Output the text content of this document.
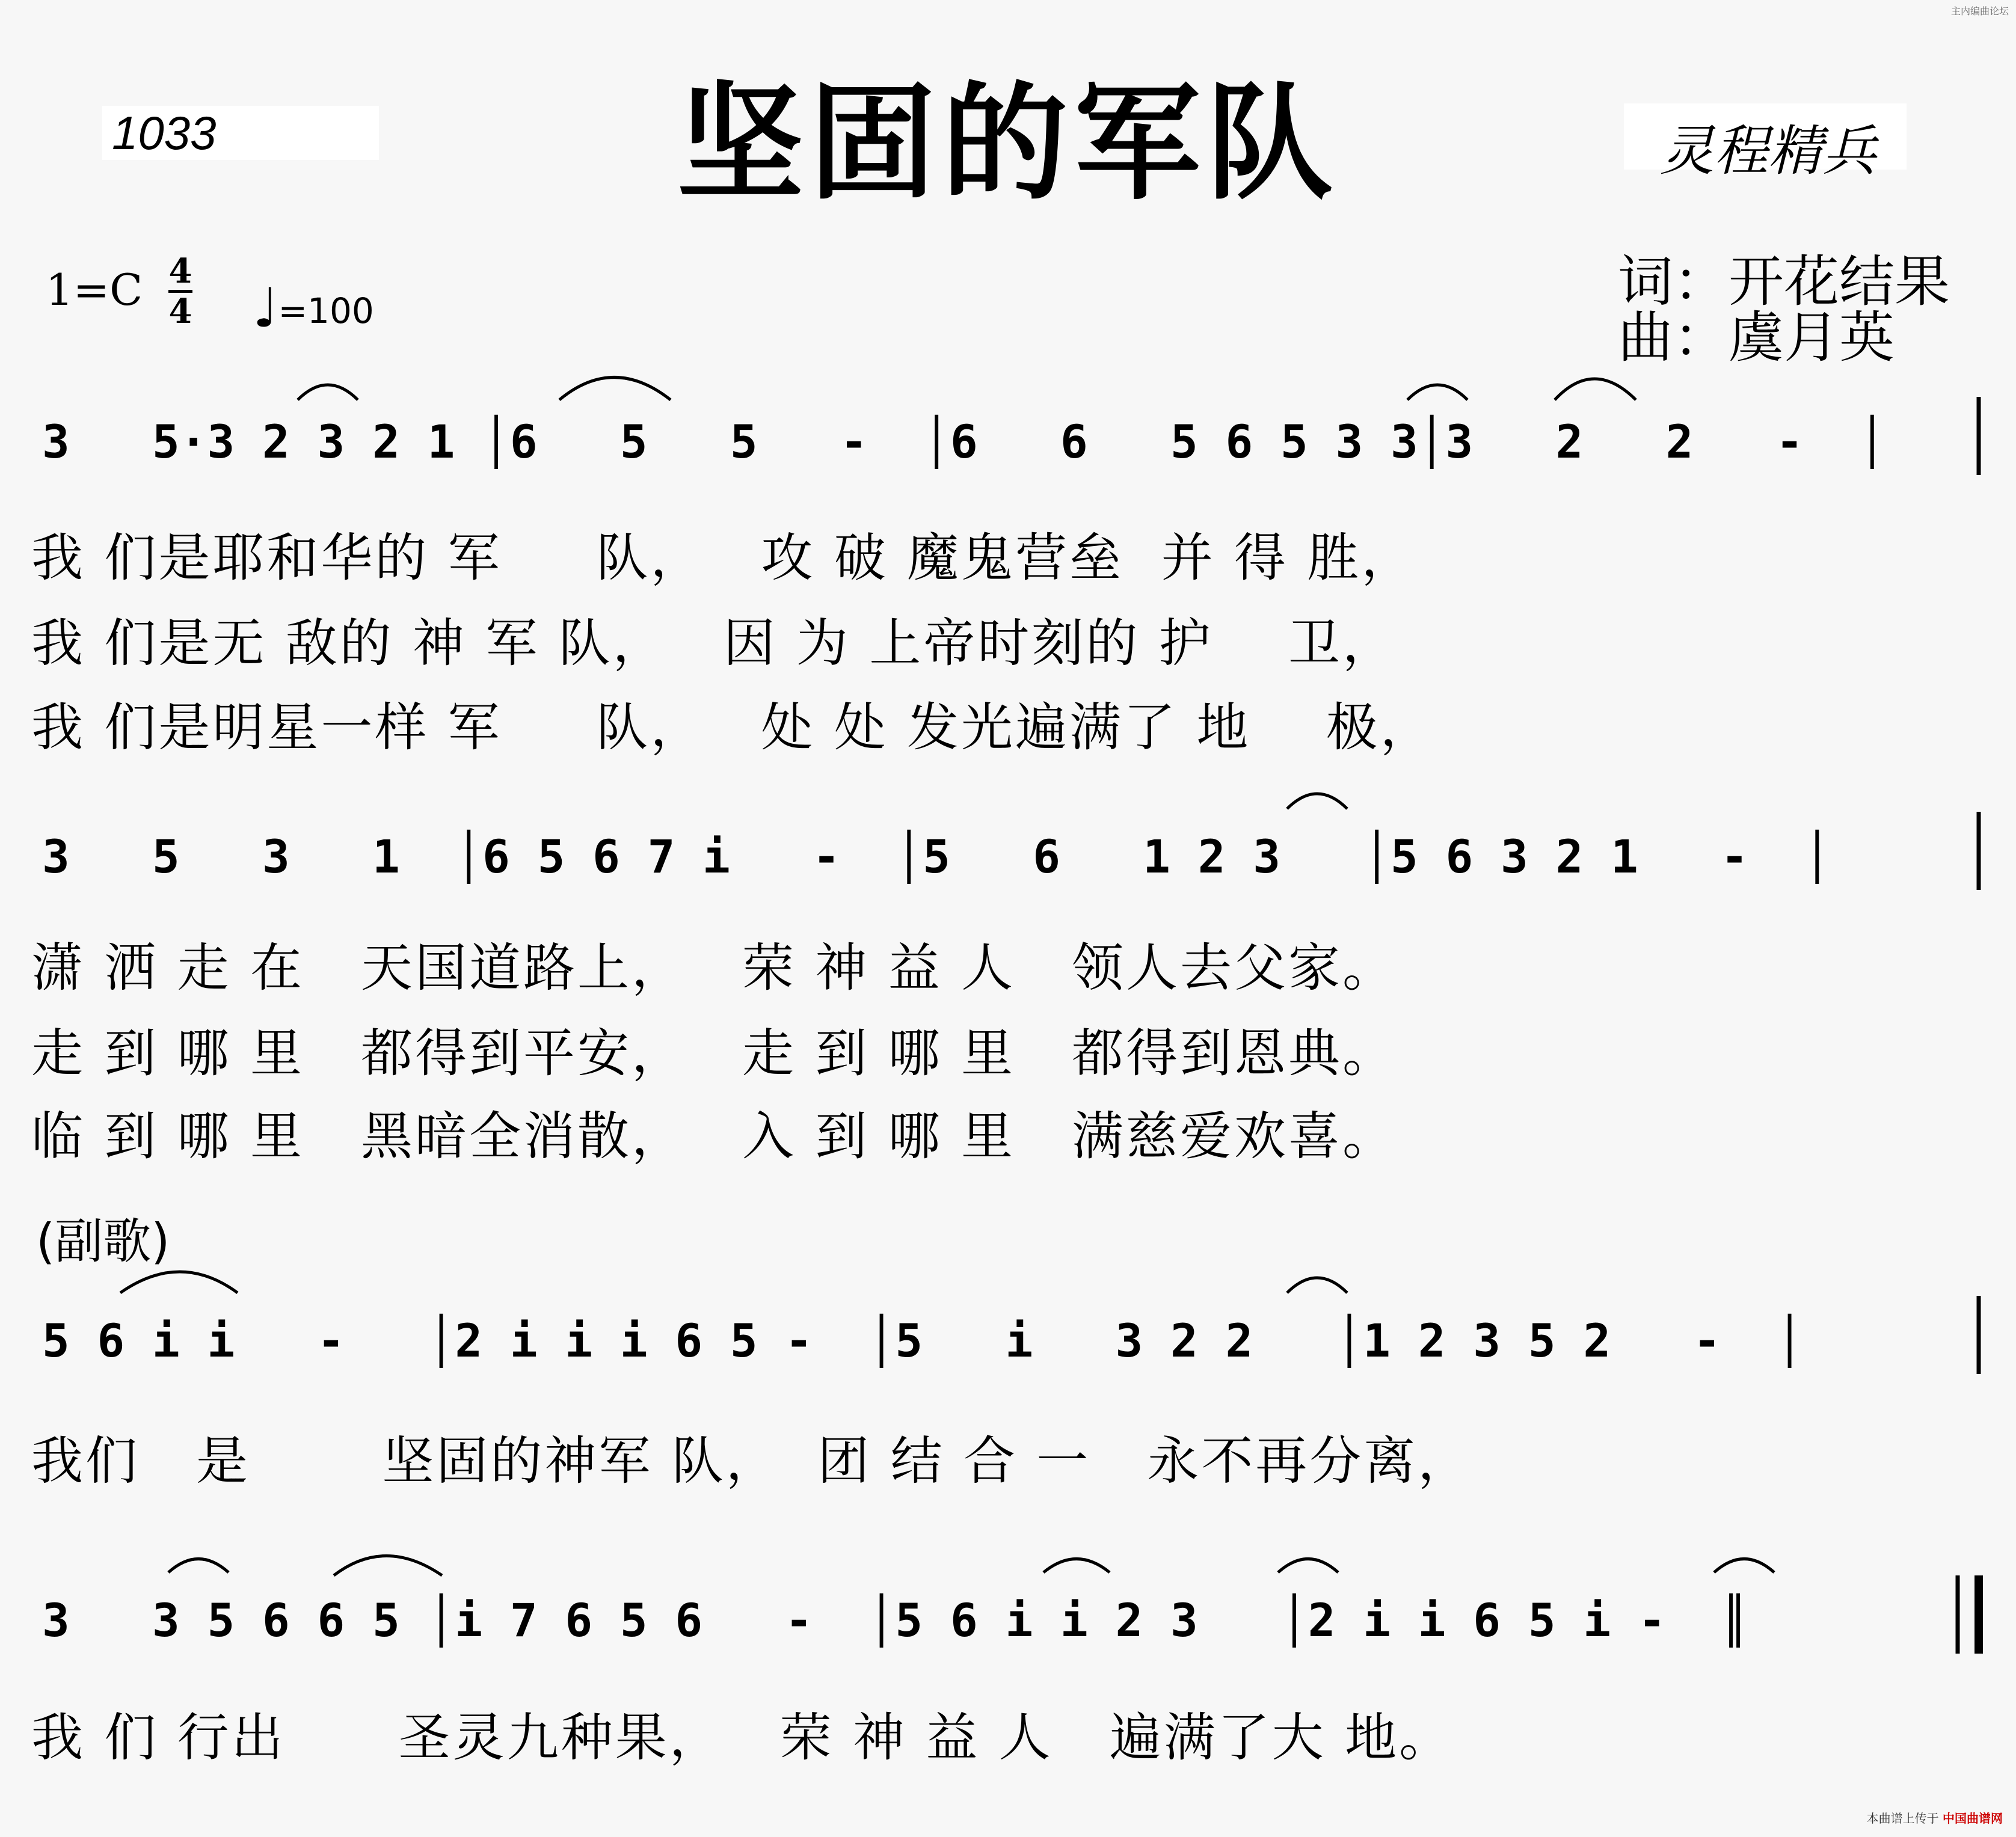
主内编曲论坛
1033	坚固的军队	灵程精兵
1=C 4
4 ♩=100	词：开花结果
曲：虞月英
3   5·3 2 3 2 1 │6   5   5   -  │6   6   5 6 5 3 3│3   2   2   -  │
我 们是耶和华的 军     队，   攻 破 魔鬼营垒  并 得 胜，
我 们是无 敌的 神 军 队，   因 为 上帝时刻的 护    卫，
我 们是明星一样 军     队，   处 处 发光遍满了 地    极，
3   5   3   1  │6 5 6 7 i   -  │5   6   1 2 3   │5 6 3 2 1   -  │
潇 洒 走 在   天国道路上，   荣 神 益 人   领人去父家。
走 到 哪 里   都得到平安，   走 到 哪 里   都得到恩典。
临 到 哪 里   黑暗全消散，   入 到 哪 里   满慈爱欢喜。
(副歌)
5 6 i i   -   │2 i i i 6 5 -  │5   i   3 2 2   │1 2 3 5 2   -  │
我们   是       坚固的神军 队，  团 结 合 一   永不再分离，
3   3 5 6 6 5 │i 7 6 5 6   -  │5 6 i i 2 3   │2 i i 6 5 i -  ║
我 们 行出      圣灵九种果，   荣 神 益 人   遍满了大 地。
本曲谱上传于 中国曲谱网
